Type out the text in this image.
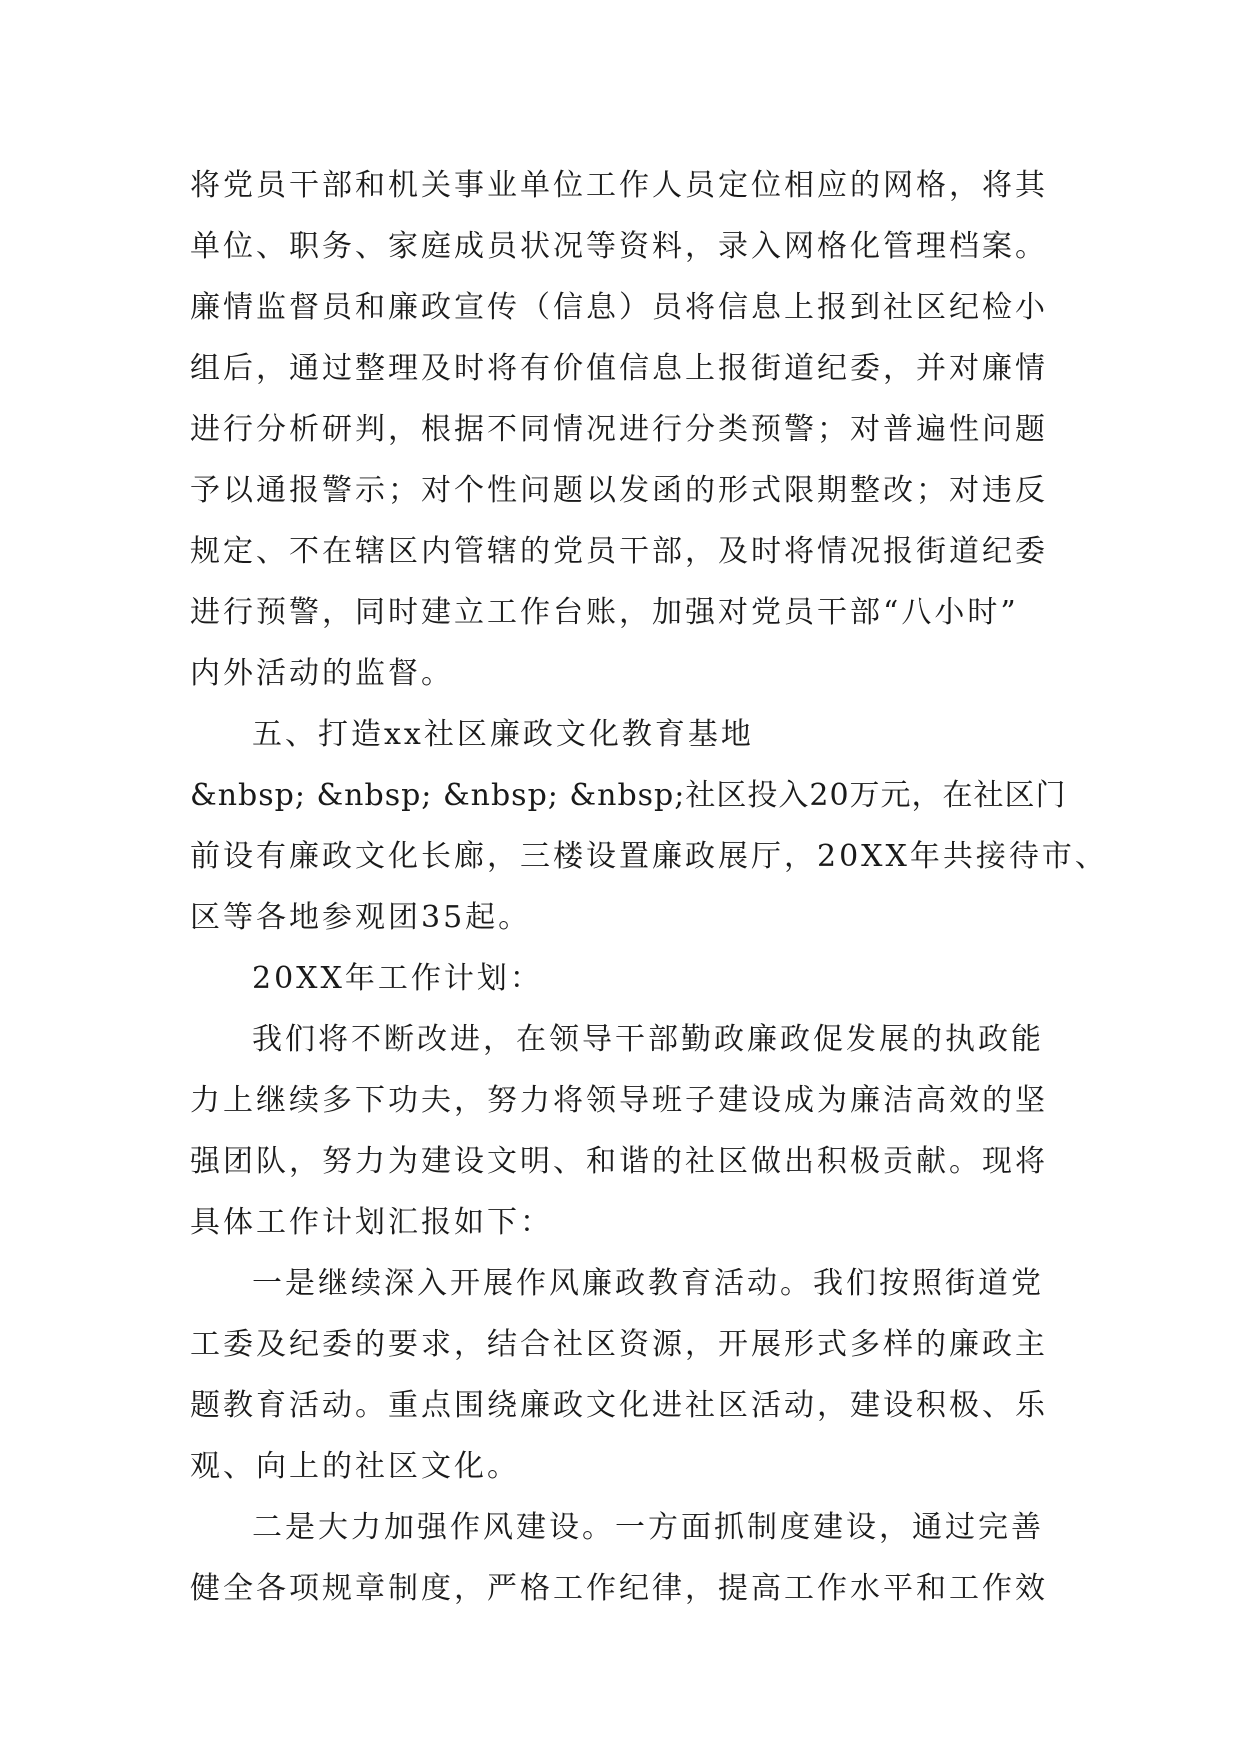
将党员干部和机关事业单位工作人员定位相应的网格，将其
单位、职务、家庭成员状况等资料，录入网格化管理档案。
廉情监督员和廉政宣传（信息）员将信息上报到社区纪检小
组后，通过整理及时将有价值信息上报街道纪委，并对廉情
进行分析研判，根据不同情况进行分类预警；对普遍性问题
予以通报警示；对个性问题以发函的形式限期整改；对违反
规定、不在辖区内管辖的党员干部，及时将情况报街道纪委
进行预警，同时建立工作台账，加强对党员干部“八小时”
内外活动的监督。
五、打造xx社区廉政文化教育基地
&nbsp; &nbsp; &nbsp; &nbsp;社区投入20万元，在社区门
前设有廉政文化长廊，三楼设置廉政展厅，20XX年共接待市、
区等各地参观团35起。
20XX年工作计划：
我们将不断改进，在领导干部勤政廉政促发展的执政能
力上继续多下功夫，努力将领导班子建设成为廉洁高效的坚
强团队，努力为建设文明、和谐的社区做出积极贡献。现将
具体工作计划汇报如下：
一是继续深入开展作风廉政教育活动。我们按照街道党
工委及纪委的要求，结合社区资源，开展形式多样的廉政主
题教育活动。重点围绕廉政文化进社区活动，建设积极、乐
观、向上的社区文化。
二是大力加强作风建设。一方面抓制度建设，通过完善
健全各项规章制度，严格工作纪律，提高工作水平和工作效
